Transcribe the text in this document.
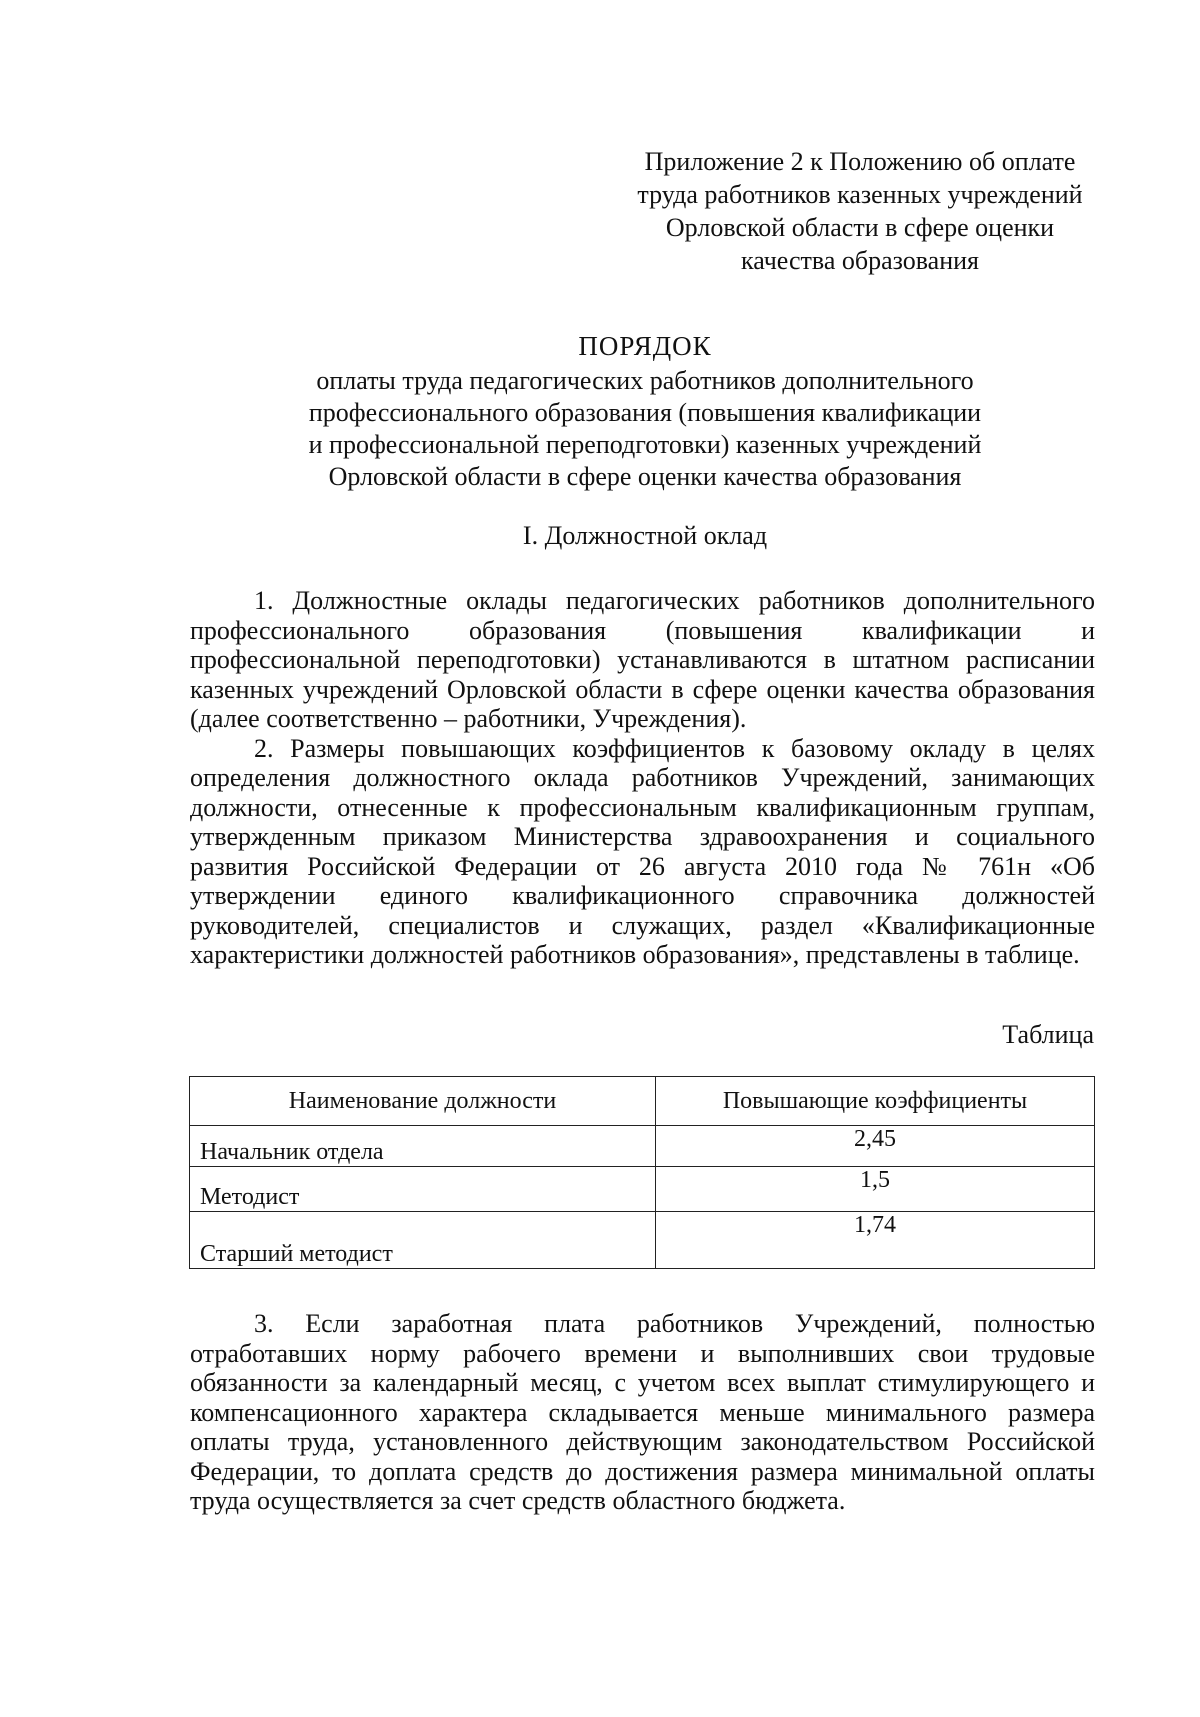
Приложение 2 к Положению об оплате
труда работников казенных учреждений
Орловской области в сфере оценки
качества образования
ПОРЯДОК
оплаты труда педагогических работников дополнительного
профессионального образования (повышения квалификации
и профессиональной переподготовки) казенных учреждений
Орловской области в сфере оценки качества образования
I. Должностной оклад

1. Должностные оклады педагогических работников дополнительного профессионального образования (повышения квалификации и профессиональной переподготовки) устанавливаются в штатном расписании казенных учреждений Орловской области в сфере оценки качества образования (далее соответственно – работники, Учреждения).

2. Размеры повышающих коэффициентов к базовому окладу в целях определения должностного оклада работников Учреждений, занимающих должности, отнесенные к профессиональным квалификационным группам, утвержденным приказом Министерства здравоохранения и социального развития Российской Федерации от 26 августа 2010 года № 761н «Об утверждении единого квалификационного справочника должностей руководителей, специалистов и служащих, раздел «Квалификационные характеристики должностей работников образования», представлены в таблице.

Таблица
Наименование должности	Повышающие коэффициенты
Начальник отдела	2,45
Методист	1,5
Старший методист	1,74

3. Если заработная плата работников Учреждений, полностью отработавших норму рабочего времени и выполнивших свои трудовые обязанности за календарный месяц, с учетом всех выплат стимулирующего и компенсационного характера складывается меньше минимального размера оплаты труда, установленного действующим законодательством Российской Федерации, то доплата средств до достижения размера минимальной оплаты труда осуществляется за счет средств областного бюджета.
